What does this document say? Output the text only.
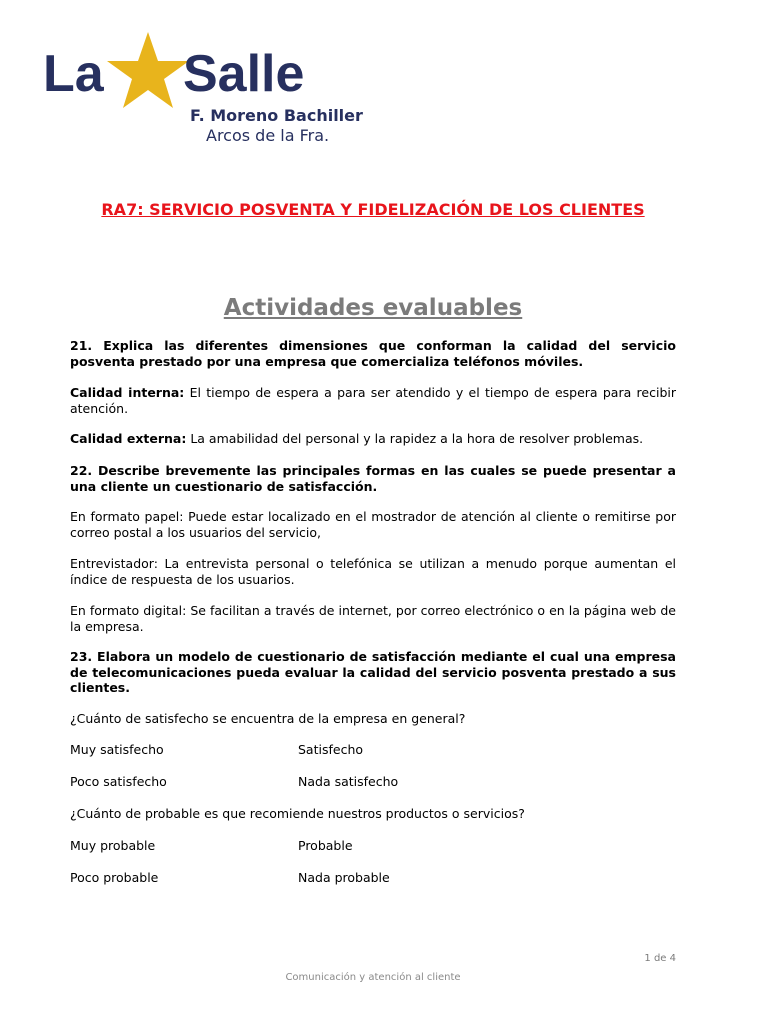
La Salle
F. Moreno Bachiller
Arcos de la Fra.
RA7: SERVICIO POSVENTA Y FIDELIZACIÓN DE LOS CLIENTES
Actividades evaluables

21. Explica las diferentes dimensiones que conforman la calidad del servicio posventa prestado por una empresa que comercializa teléfonos móviles.

Calidad interna: El tiempo de espera a para ser atendido y el tiempo de espera para recibir atención.

Calidad externa: La amabilidad del personal y la rapidez a la hora de resolver problemas.

22. Describe brevemente las principales formas en las cuales se puede presentar a una cliente un cuestionario de satisfacción.

En formato papel: Puede estar localizado en el mostrador de atención al cliente o remitirse por correo postal a los usuarios del servicio,

Entrevistador: La entrevista personal o telefónica se utilizan a menudo porque aumentan el índice de respuesta de los usuarios.

En formato digital: Se facilitan a través de internet, por correo electrónico o en la página web de la empresa.

23. Elabora un modelo de cuestionario de satisfacción mediante el cual una empresa de telecomunicaciones pueda evaluar la calidad del servicio posventa prestado a sus clientes.

¿Cuánto de satisfecho se encuentra de la empresa en general?

Muy satisfecho	Satisfecho
Poco satisfecho	Nada satisfecho

¿Cuánto de probable es que recomiende nuestros productos o servicios?

Muy probable	Probable
Poco probable	Nada probable
1 de 4
Comunicación y atención al cliente
